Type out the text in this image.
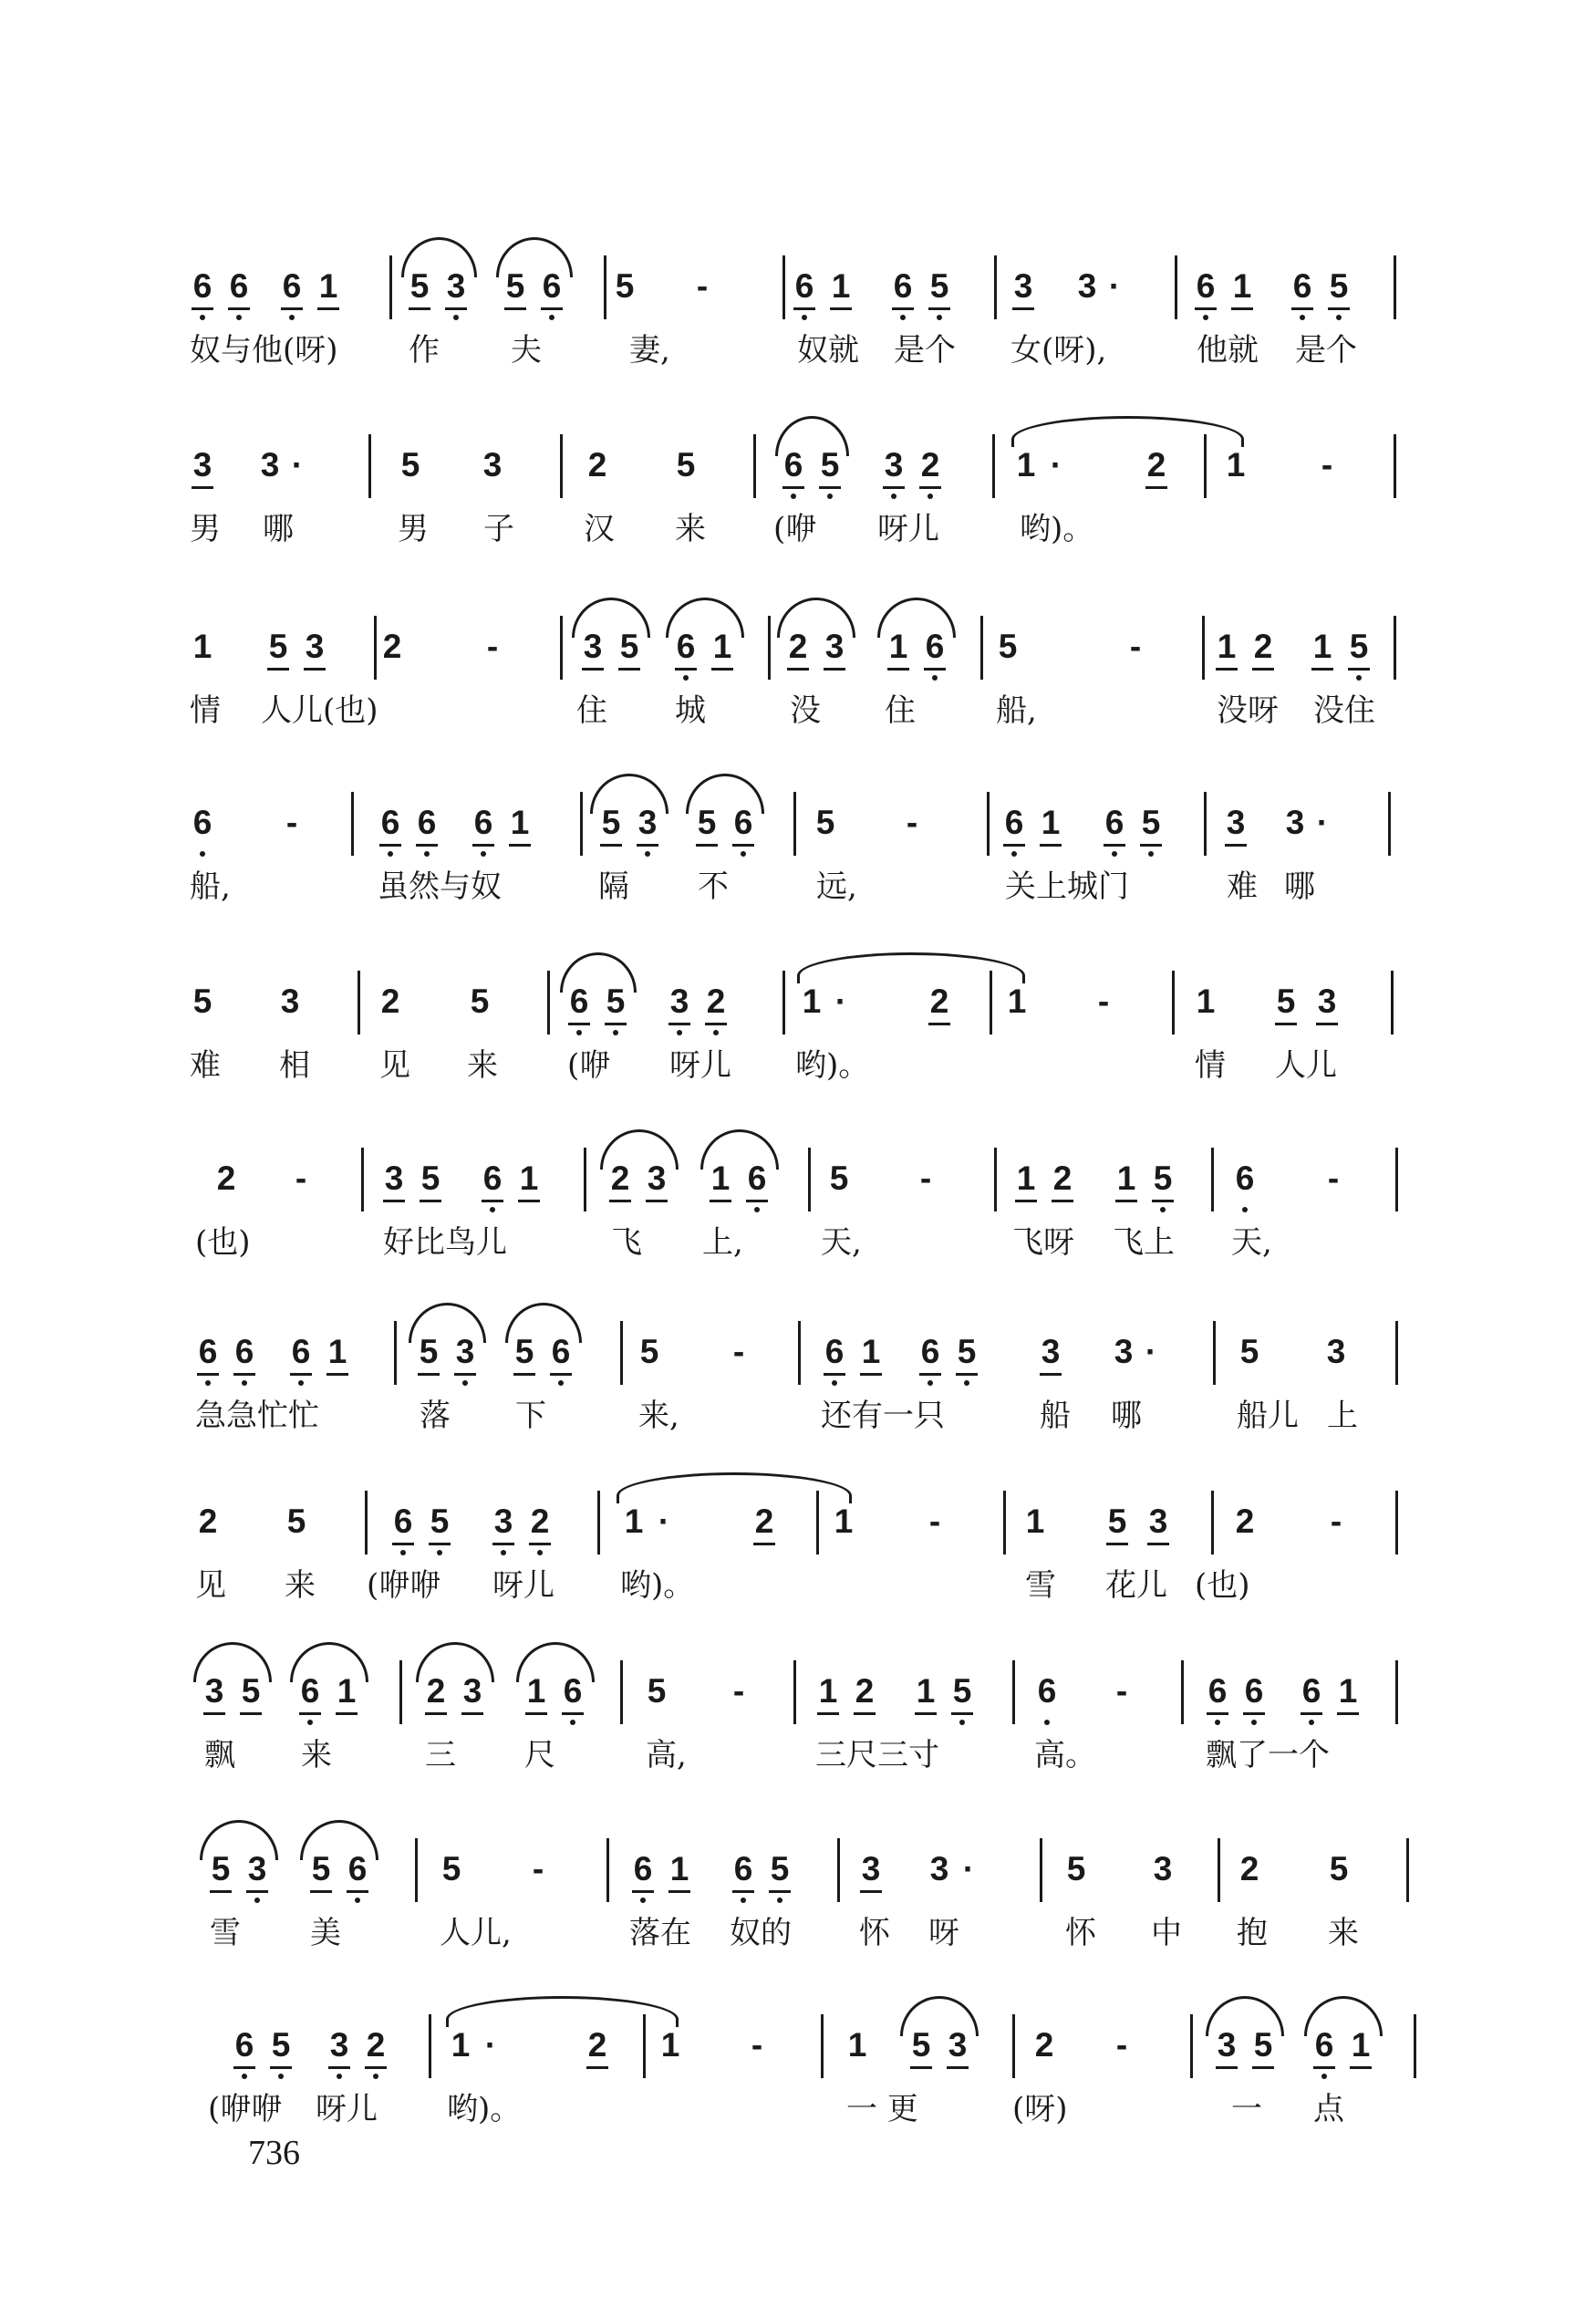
6 6 6 1 5 3 5 6 5	-	6 1 6 5 3 3 ·	6 1 6 5
奴与他(呀) 作 夫	妻,	奴就 是个 女(呀),	他就 是个
3 3 ·	5 3	2 5	6 5 3 2 1 ·	2 1	-
男 哪	男 子 汉 来 (咿 呀儿	哟)。
1 5 3 2	-	3 5 6 1 2 3 1 6 5	-	1 2 1 5
情 人儿(也)	住 城	没 住	船,	没呀 没住
6	-	6 6 6 1 5 3 5 6 5	-	6 1 6 5 3 3 ·
船,	虽然与奴	隔 不	远,	关上城门	难 哪
5 3 2 5 6 5 3 2 1 ·	2 1	-	1 5 3
难 相 见 来 (咿 呀儿 哟)。	情 人儿
2	-	3 5 6 1 2 3 1 6 5	-	1 2 1 5 6	-
(也)	好比鸟儿	飞 上,	天,	飞呀 飞上 天,
6 6 6 1 5 3 5 6 5	-	6 1 6 5 3 3 ·	5 3
急急忙忙	落 下	来,	还有一只	船 哪	船儿 上
2 5	6 5 3 2 1 ·	2 1	-	1 5 3 2	-
见 来 (咿咿 呀儿 哟)。	雪 花儿 (也)
3 5 6 1 2 3 1 6 5	-	1 2 1 5 6	-	6 6 6 1
飘 来	三 尺	高,	三尺三寸	高。	飘了一个
5 3 5 6 5	-	6 1 6 5 3 3 ·	5 3 2 5
雪 美	人儿,	落在 奴的 怀 呀	怀 中 抱 来
6 5 3 2 1 ·	2 1	-	1 5 3 2	-	3 5 6 1
(咿咿 呀儿 哟)。	一 更	(呀)	一 点
736
